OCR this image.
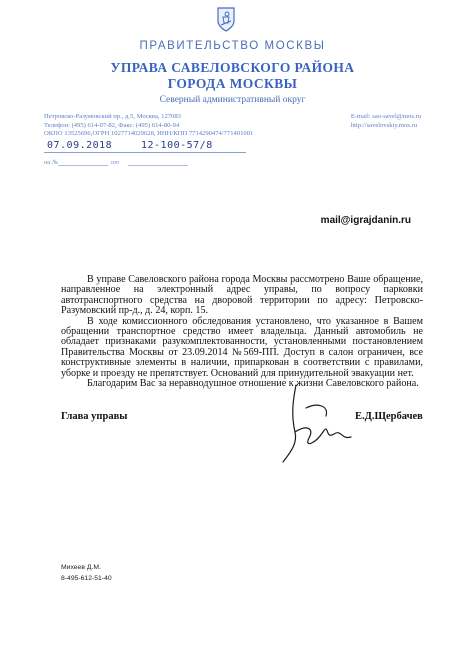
ПРАВИТЕЛЬСТВО МОСКВЫ
УПРАВА САВЕЛОВСКОГО РАЙОНА
ГОРОДА МОСКВЫ
Северный административный округ
Петровско-Разумовский пр., д.5, Москва, 127083
Телефон: (495) 614-07-82, Факс: (495) 614-80-94
ОКПО 13525696,ОГРН 1027714029628, ИНН/КПП 7714290474/771401001
E-mail: sao-savel@mos.ru
http://savelovskiy.mos.ru
07.09.2018	12-100-57/8
на №	от
mail@igrajdanin.ru

В управе Савеловского района города Москвы рассмотрено Ваше обращение, направленное на электронный адрес управы, по вопросу парковки автотранспортного средства на дворовой территории по адресу: Петровско-Разумовский пр-д., д. 24, корп. 15.

В ходе комиссионного обследования установлено, что указанное в Вашем обращении транспортное средство имеет владельца. Данный автомобиль не обладает признаками разукомплектованности, установленными постановлением Правительства Москвы от 23.09.2014 №569-ПП. Доступ в салон ограничен, все конструктивные элементы в наличии, припаркован в соответствии с правилами, уборке и проезду не препятствует. Оснований для принудительной эвакуации нет.

Благодарим Вас за неравнодушное отношение к жизни Савеловского района.

Глава управы	Е.Д.Щербачев
Михеев Д.М.
8-495-612-51-40
